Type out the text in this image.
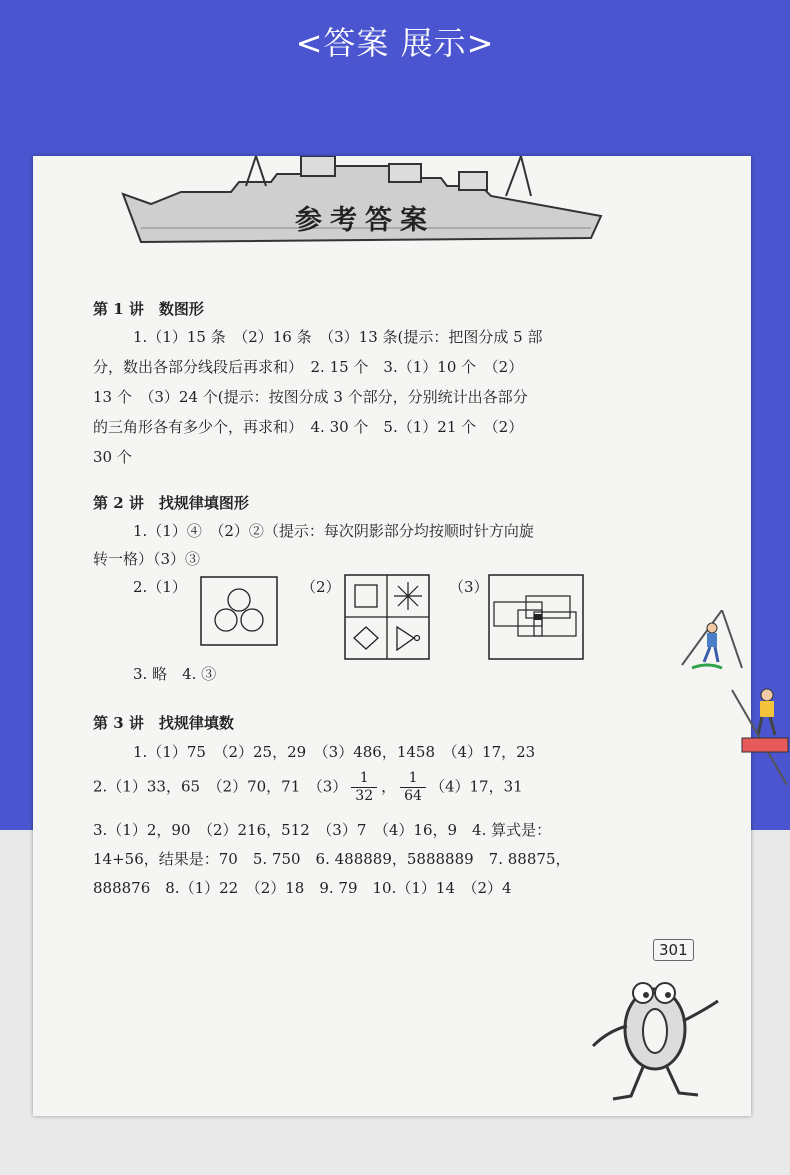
<答案 展示>
参考答案
第 1 讲　数图形
1.（1）15 条　（2）16 条　（3）13 条(提示：把图分成 5 部
分，数出各部分线段后再求和）　2. 15 个　3.（1）10 个　（2）
13 个　（3）24 个(提示：按图分成 3 个部分，分别统计出各部分
的三角形各有多少个，再求和）　4. 30 个　5.（1）21 个　（2）
30 个
第 2 讲　找规律填图形
1.（1）④　（2）②（提示：每次阴影部分均按顺时针方向旋
转一格）（3）③
2.（1）	（2）	（3）
3. 略　4. ③
第 3 讲　找规律填数
1.（1）75　（2）25，29　（3）486，1458　（4）17，23
2.（1）33，65　（2）70，71　$(3) \frac{1}{32}$ ， $\frac{1}{64} (4)17$，31
3.（1）2，90　（2）216，512　（3）7　（4）16，9　4. 算式是：
14+56，结果是：70　5. 750　6. 488889，5888889　7. 88875，
888876　8.（1）22　（2）18　9. 79　10.（1）14　（2）4
301
